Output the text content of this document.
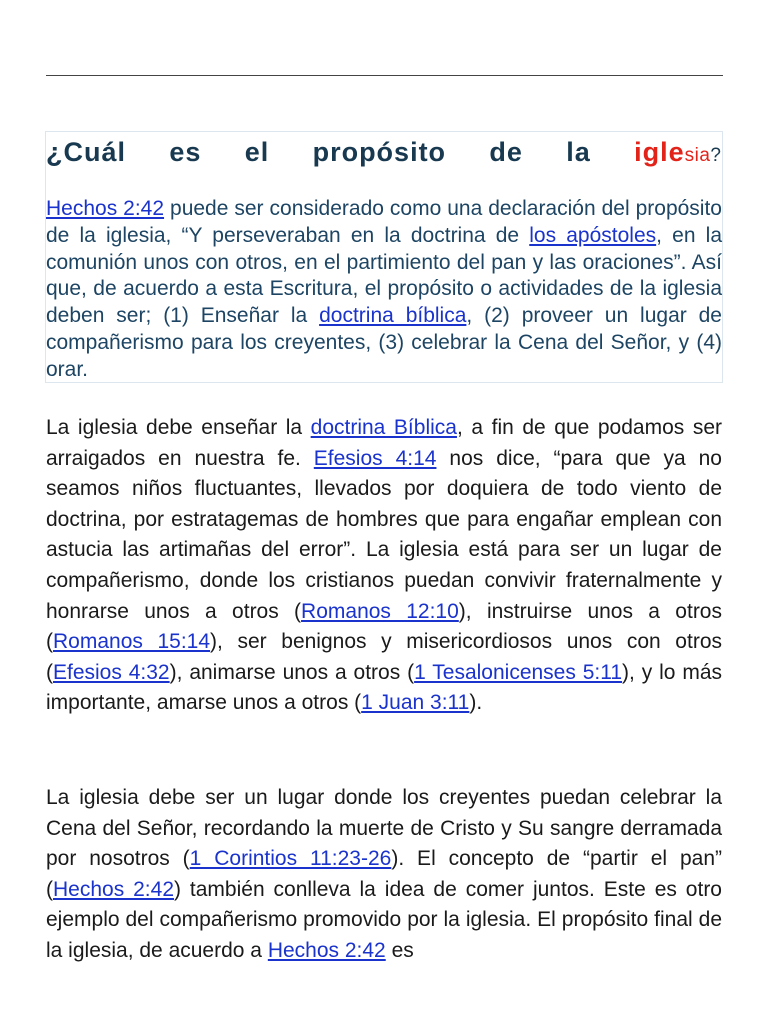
¿Cuál es el propósito de la iglesia?

Hechos 2:42 puede ser considerado como una declaración del propósito de la iglesia, “Y perseveraban en la doctrina de los apóstoles, en la comunión unos con otros, en el partimiento del pan y las oraciones”. Así que, de acuerdo a esta Escritura, el propósito o actividades de la iglesia deben ser; (1) Enseñar la doctrina bíblica, (2) proveer un lugar de compañerismo para los creyentes, (3) celebrar la Cena del Señor, y (4) orar.

La iglesia debe enseñar la doctrina Bíblica, a fin de que podamos ser arraigados en nuestra fe. Efesios 4:14 nos dice, “para que ya no seamos niños fluctuantes, llevados por doquiera de todo viento de doctrina, por estratagemas de hombres que para engañar emplean con astucia las artimañas del error”. La iglesia está para ser un lugar de compañerismo, donde los cristianos puedan convivir fraternalmente y honrarse unos a otros (Romanos 12:10), instruirse unos a otros (Romanos 15:14), ser benignos y misericordiosos unos con otros (Efesios 4:32), animarse unos a otros (1 Tesalonicenses 5:11), y lo más importante, amarse unos a otros (1 Juan 3:11).

La iglesia debe ser un lugar donde los creyentes puedan celebrar la Cena del Señor, recordando la muerte de Cristo y Su sangre derramada por nosotros (1 Corintios 11:23-26). El concepto de “partir el pan” (Hechos 2:42) también conlleva la idea de comer juntos. Este es otro ejemplo del compañerismo promovido por la iglesia. El propósito final de la iglesia, de acuerdo a Hechos 2:42 es
